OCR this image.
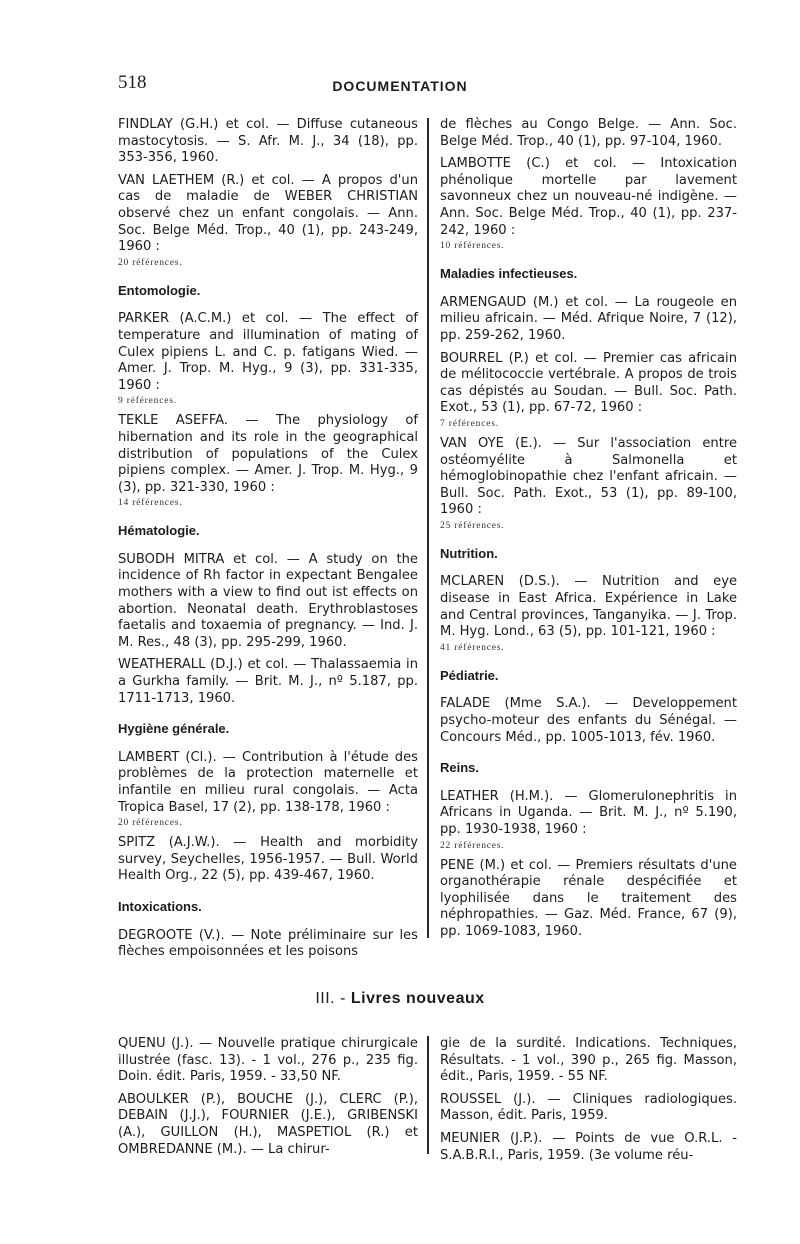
518	DOCUMENTATION
FINDLAY (G.H.) et col. — Diffuse cutaneous mastocytosis. — S. Afr. M. J., 34 (18), pp. 353-356, 1960.
VAN LAETHEM (R.) et col. — A propos d'un cas de maladie de WEBER CHRISTIAN observé chez un enfant congolais. — Ann. Soc. Belge Méd. Trop., 40 (1), pp. 243-249, 1960 :
20 références.
Entomologie.
PARKER (A.C.M.) et col. — The effect of temperature and illumination of mating of Culex pipiens L. and C. p. fatigans Wied. — Amer. J. Trop. M. Hyg., 9 (3), pp. 331-335, 1960 :
9 références.
TEKLE ASEFFA. — The physiology of hibernation and its role in the geographical distribution of populations of the Culex pipiens complex. — Amer. J. Trop. M. Hyg., 9 (3), pp. 321-330, 1960 :
14 références.
Hématologie.
SUBODH MITRA et col. — A study on the incidence of Rh factor in expectant Bengalee mothers with a view to find out ist effects on abortion. Neonatal death. Erythroblastoses faetalis and toxaemia of pregnancy. — Ind. J. M. Res., 48 (3), pp. 295-299, 1960.
WEATHERALL (D.J.) et col. — Thalassaemia in a Gurkha family. — Brit. M. J., nº 5.187, pp. 1711-1713, 1960.
Hygiène générale.
LAMBERT (Cl.). — Contribution à l'étude des problèmes de la protection maternelle et infantile en milieu rural congolais. — Acta Tropica Basel, 17 (2), pp. 138-178, 1960 :
20 références.
SPITZ (A.J.W.). — Health and morbidity survey, Seychelles, 1956-1957. — Bull. World Health Org., 22 (5), pp. 439-467, 1960.
Intoxications.
DEGROOTE (V.). — Note préliminaire sur les flèches empoisonnées et les poisons
de flèches au Congo Belge. — Ann. Soc. Belge Méd. Trop., 40 (1), pp. 97-104, 1960.
LAMBOTTE (C.) et col. — Intoxication phénolique mortelle par lavement savonneux chez un nouveau-né indigène. — Ann. Soc. Belge Méd. Trop., 40 (1), pp. 237-242, 1960 :
10 références.
Maladies infectieuses.
ARMENGAUD (M.) et col. — La rougeole en milieu africain. — Méd. Afrique Noire, 7 (12), pp. 259-262, 1960.
BOURREL (P.) et col. — Premier cas africain de mélitococcie vertébrale. A propos de trois cas dépistés au Soudan. — Bull. Soc. Path. Exot., 53 (1), pp. 67-72, 1960 :
7 références.
VAN OYE (E.). — Sur l'association entre ostéomyélite à Salmonella et hémoglobinopathie chez l'enfant africain. — Bull. Soc. Path. Exot., 53 (1), pp. 89-100, 1960 :
25 références.
Nutrition.
MCLAREN (D.S.). — Nutrition and eye disease in East Africa. Expérience in Lake and Central provinces, Tanganyika. — J. Trop. M. Hyg. Lond., 63 (5), pp. 101-121, 1960 :
41 références.
Pédiatrie.
FALADE (Mme S.A.). — Developpement psycho-moteur des enfants du Sénégal. — Concours Méd., pp. 1005-1013, fév. 1960.
Reins.
LEATHER (H.M.). — Glomerulonephritis in Africans in Uganda. — Brit. M. J., nº 5.190, pp. 1930-1938, 1960 :
22 références.
PENE (M.) et col. — Premiers résultats d'une organothérapie rénale despécifiée et lyophilisée dans le traitement des néphropathies. — Gaz. Méd. France, 67 (9), pp. 1069-1083, 1960.
III. - Livres nouveaux
QUENU (J.). — Nouvelle pratique chirurgicale illustrée (fasc. 13). - 1 vol., 276 p., 235 fig. Doin. édit. Paris, 1959. - 33,50 NF.
ABOULKER (P.), BOUCHE (J.), CLERC (P.), DEBAIN (J.J.), FOURNIER (J.E.), GRIBENSKI (A.), GUILLON (H.), MASPETIOL (R.) et OMBREDANNE (M.). — La chirur-
gie de la surdité. Indications. Techniques, Résultats. - 1 vol., 390 p., 265 fig. Masson, édit., Paris, 1959. - 55 NF.
ROUSSEL (J.). — Cliniques radiologiques. Masson, édit. Paris, 1959.
MEUNIER (J.P.). — Points de vue O.R.L. - S.A.B.R.I., Paris, 1959. (3e volume réu-
